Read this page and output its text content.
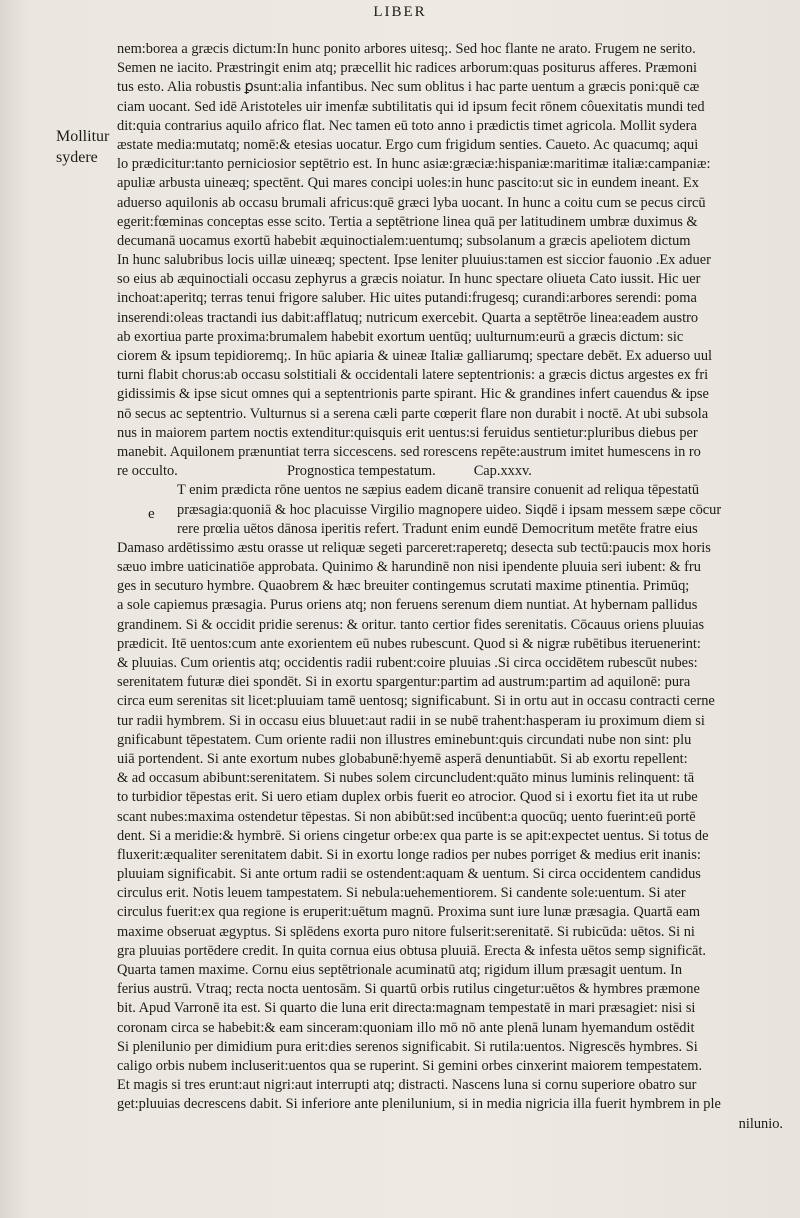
LIBER
Mollitur
sydere
e
nem:borea a græcis dictum:In hunc ponito arbores uitesq;. Sed hoc flante ne arato. Frugem ne serito.
Semen ne iacito. Præstringit enim atq; præcellit hic radices arborum:quas positurus afferes. Præmoni
tus esto. Alia robustis ꝑsunt:alia infantibus. Nec sum oblitus i hac parte uentum a græcis poni:quē cæ
ciam uocant. Sed idē Aristoteles uir imenfæ subtilitatis qui id ipsum fecit rōnem côuexitatis mundi ted
dit:quia contrarius aquilo africo flat. Nec tamen eū toto anno i prædictis timet agricola. Mollit sydera
æstate media:mutatq; nomē:& etesias uocatur. Ergo cum frigidum senties. Caueto. Ac quacumq; aqui
lo prædicitur:tanto perniciosior septētrio est. In hunc asiæ:græciæ:hispaniæ:maritimæ italiæ:campaniæ:
apuliæ arbusta uineæq; spectēnt. Qui mares concipi uoles:in hunc pascito:ut sic in eundem ineant. Ex
aduerso aquilonis ab occasu brumali africus:quē græci lyba uocant. In hunc a coitu cum se pecus circū
egerit:fœminas conceptas esse scito. Tertia a septētrione linea quā per latitudinem umbræ duximus &
decumanā uocamus exortū habebit æquinoctialem:uentumq; subsolanum a græcis apeliotem dictum
In hunc salubribus locis uillæ uineæq; spectent. Ipse leniter pluuius:tamen est siccior fauonio .Ex aduer
so eius ab æquinoctiali occasu zephyrus a græcis noiatur. In hunc spectare oliueta Cato iussit. Hic uer
inchoat:aperitq; terras tenui frigore saluber. Hic uites putandi:frugesq; curandi:arbores serendi: poma
inserendi:oleas tractandi ius dabit:afflatuq; nutricum exercebit. Quarta a septētrōe linea:eadem austro
ab exortiua parte proxima:brumalem habebit exortum uentūq; uulturnum:eurū a græcis dictum: sic
ciorem & ipsum tepidioremq;. In hūc apiaria & uineæ Italiæ galliarumq; spectare debēt. Ex aduerso uul
turni flabit chorus:ab occasu solstitiali & occidentali latere septentrionis: a græcis dictus argestes ex fri
gidissimis & ipse sicut omnes qui a septentrionis parte spirant. Hic & grandines infert cauendus & ipse
nō secus ac septentrio. Vulturnus si a serena cæli parte cœperit flare non durabit i noctē. At ubi subsola
nus in maiorem partem noctis extenditur:quisquis erit uentus:si feruidus sentietur:pluribus diebus per
manebit. Aquilonem prænuntiat terra siccescens. sed rorescens repēte:austrum imitet humescens in ro
re occulto.	Prognostica tempestatum.	Cap.xxxv.
T enim prædicta rōne uentos ne sæpius eadem dicanē transire conuenit ad reliqua tēpestatū
præsagia:quoniā & hoc placuisse Virgilio magnopere uideo. Siqdē i ipsam messem sæpe cōcur
rere prœlia uētos dānosa iperitis refert. Tradunt enim eundē Democritum metēte fratre eius
Damaso ardētissimo æstu orasse ut reliquæ segeti parceret:raperetq; desecta sub tectū:paucis mox horis
sæuo imbre uaticinatiōe approbata. Quinimo & harundinē non nisi ipendente pluuia seri iubent: & fru
ges in secuturo hymbre. Quaobrem & hæc breuiter contingemus scrutati maxime ptinentia. Primūq;
a sole capiemus præsagia. Purus oriens atq; non feruens serenum diem nuntiat. At hybernam pallidus
grandinem. Si & occidit pridie serenus: & oritur. tanto certior fides serenitatis. Cōcauus oriens pluuias
prædicit. Itē uentos:cum ante exorientem eū nubes rubescunt. Quod si & nigræ rubētibus iteruenerint:
& pluuias. Cum orientis atq; occidentis radii rubent:coire pluuias .Si circa occidētem rubescūt nubes:
serenitatem futuræ diei spondēt. Si in exortu spargentur:partim ad austrum:partim ad aquilonē: pura
circa eum serenitas sit licet:pluuiam tamē uentosq; significabunt. Si in ortu aut in occasu contracti cerne
tur radii hymbrem. Si in occasu eius bluuet:aut radii in se nubē trahent:hasperam iu proximum diem si
gnificabunt tēpestatem. Cum oriente radii non illustres eminebunt:quis circundati nube non sint: plu
uiā portendent. Si ante exortum nubes globabunē:hyemē asperā denuntiabūt. Si ab exortu repellent:
& ad occasum abibunt:serenitatem. Si nubes solem circuncludent:quāto minus luminis relinquent: tā
to turbidior tēpestas erit. Si uero etiam duplex orbis fuerit eo atrocior. Quod si i exortu fiet ita ut rube
scant nubes:maxima ostendetur tēpestas. Si non abibūt:sed incūbent:a quocūq; uento fuerint:eū portē
dent. Si a meridie:& hymbrē. Si oriens cingetur orbe:ex qua parte is se apit:expectet uentus. Si totus de
fluxerit:æqualiter serenitatem dabit. Si in exortu longe radios per nubes porriget & medius erit inanis:
pluuiam significabit. Si ante ortum radii se ostendent:aquam & uentum. Si circa occidentem candidus
circulus erit. Notis leuem tampestatem. Si nebula:uehementiorem. Si candente sole:uentum. Si ater
circulus fuerit:ex qua regione is eruperit:uētum magnū. Proxima sunt iure lunæ præsagia. Quartā eam
maxime obseruat ægyptus. Si splēdens exorta puro nitore fulserit:serenitatē. Si rubicūda: uētos. Si ni
gra pluuias portēdere credit. In quita cornua eius obtusa pluuiā. Erecta & infesta uētos semp significāt.
Quarta tamen maxime. Cornu eius septētrionale acuminatū atq; rigidum illum præsagit uentum. In
ferius austrū. Vtraq; recta nocta uentosām. Si quartū orbis rutilus cingetur:uētos & hymbres præmone
bit. Apud Varronē ita est. Si quarto die luna erit directa:magnam tempestatē in mari præsagiet: nisi si
coronam circa se habebit:& eam sinceram:quoniam illo mō nō ante plenā lunam hyemandum ostēdit
Si plenilunio per dimidium pura erit:dies serenos significabit. Si rutila:uentos. Nigrescēs hymbres. Si
caligo orbis nubem incluserit:uentos qua se ruperint. Si gemini orbes cinxerint maiorem tempestatem.
Et magis si tres erunt:aut nigri:aut interrupti atq; distracti. Nascens luna si cornu superiore obatro sur
get:pluuias decrescens dabit. Si inferiore ante plenilunium, si in media nigricia illa fuerit hymbrem in ple
nilunio.
